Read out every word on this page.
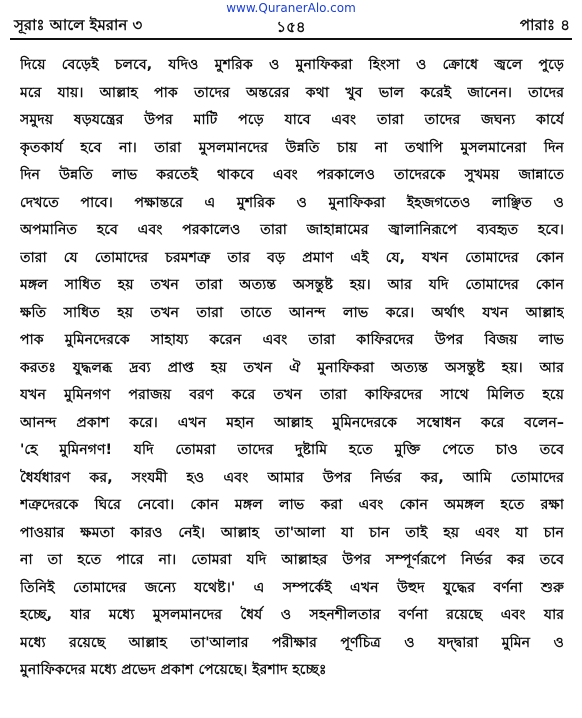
সূরাঃ আলে ইমরান ৩
www.QuranerAlo.com
১৫৪	পারাঃ ৪
দিয়ে বেড়েই চলবে, যদিও মুশরিক ও মুনাফিকরা হিংসা ও ক্রোধে জ্বলে পুড়ে
মরে যায়। আল্লাহ পাক তাদের অন্তরের কথা খুব ভাল করেই জানেন। তাদের
সমুদয় ষড়যন্ত্রের উপর মাটি পড়ে যাবে এবং তারা তাদের জঘন্য কার্যে
কৃতকার্য হবে না। তারা মুসলমানদের উন্নতি চায় না তথাপি মুসলমানেরা দিন
দিন উন্নতি লাভ করতেই থাকবে এবং পরকালেও তাদেরকে সুখময় জান্নাতে
দেখতে পাবে। পক্ষান্তরে এ মুশরিক ও মুনাফিকরা ইহজগতেও লাঞ্ছিত ও
অপমানিত হবে এবং পরকালেও তারা জাহান্নামের জ্বালানিরূপে ব্যবহৃত হবে।
তারা যে তোমাদের চরমশত্রু তার বড় প্রমাণ এই যে, যখন তোমাদের কোন
মঙ্গল সাধিত হয় তখন তারা অত্যন্ত অসন্তুষ্ট হয়। আর যদি তোমাদের কোন
ক্ষতি সাধিত হয় তখন তারা তাতে আনন্দ লাভ করে। অর্থাৎ যখন আল্লাহ
পাক মুমিনদেরকে সাহায্য করেন এবং তারা কাফিরদের উপর বিজয় লাভ
করতঃ যুদ্ধলব্ধ দ্রব্য প্রাপ্ত হয় তখন ঐ মুনাফিকরা অত্যন্ত অসন্তুষ্ট হয়। আর
যখন মুমিনগণ পরাজয় বরণ করে তখন তারা কাফিরদের সাথে মিলিত হয়ে
আনন্দ প্রকাশ করে। এখন মহান আল্লাহ মুমিনদেরকে সম্বোধন করে বলেন–
'হে মুমিনগণ! যদি তোমরা তাদের দুষ্টামি হতে মুক্তি পেতে চাও তবে
ধৈর্যধারণ কর, সংযমী হও এবং আমার উপর নির্ভর কর, আমি তোমাদের
শত্রুদেরকে ঘিরে নেবো। কোন মঙ্গল লাভ করা এবং কোন অমঙ্গল হতে রক্ষা
পাওয়ার ক্ষমতা কারও নেই। আল্লাহ তা'আলা যা চান তাই হয় এবং যা চান
না তা হতে পারে না। তোমরা যদি আল্লাহর উপর সম্পূর্ণরূপে নির্ভর কর তবে
তিনিই তোমাদের জন্যে যথেষ্ট।' এ সম্পর্কেই এখন উহুদ যুদ্ধের বর্ণনা শুরু
হচ্ছে, যার মধ্যে মুসলমানদের ধৈর্য ও সহনশীলতার বর্ণনা রয়েছে এবং যার
মধ্যে রয়েছে আল্লাহ তা'আলার পরীক্ষার পূর্ণচিত্র ও যদ্দ্বারা মুমিন ও
মুনাফিকদের মধ্যে প্রভেদ প্রকাশ পেয়েছে। ইরশাদ হচ্ছেঃ
